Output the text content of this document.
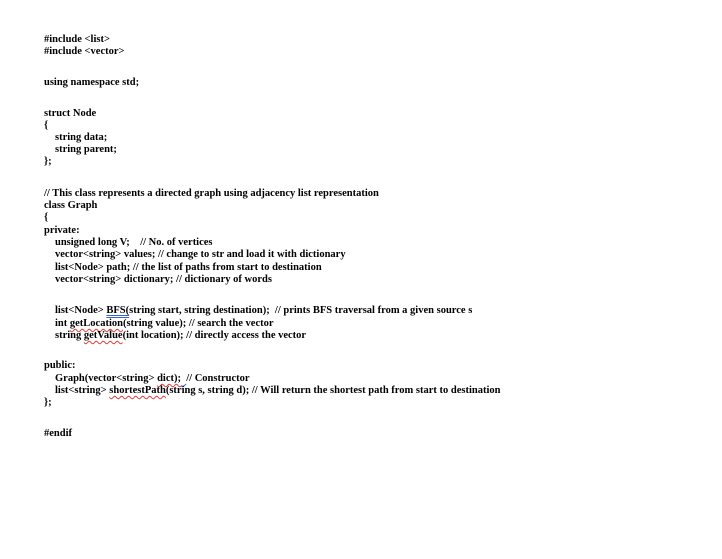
#include <list>
#include <vector>
using namespace std;
struct Node
{
string data;
string parent;
};
// This class represents a directed graph using adjacency list representation
class Graph
{
private:
unsigned long V;    // No. of vertices
vector<string> values; // change to str and load it with dictionary
list<Node> path; // the list of paths from start to destination
vector<string> dictionary; // dictionary of words
list<Node> BFS(string start, string destination);  // prints BFS traversal from a given source s
int getLocation(string value); // search the vector
string getValue(int location); // directly access the vector
public:
Graph(vector<string> dict); // Constructor
list<string> shortestPath(string s, string d); // Will return the shortest path from start to destination
};
#endif
